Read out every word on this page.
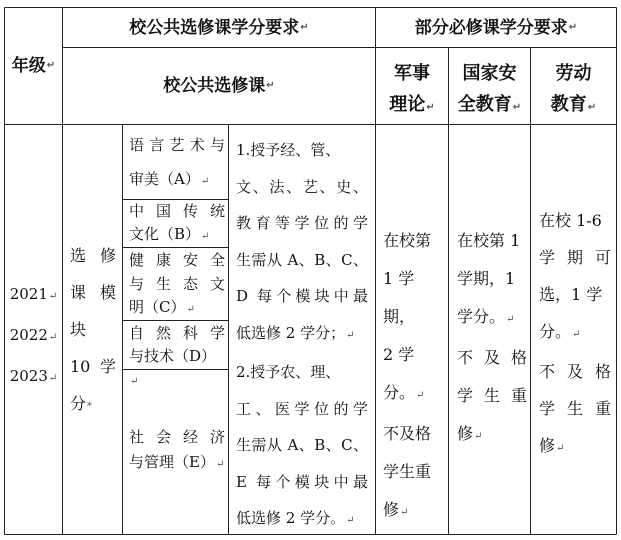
年级 ↵
校公共选修课学分要求 ↵	部分必修课学分要求 ↵
校公共选修课 ↵
军事
理论↵
国家安
全教育↵
劳动
教育↵
2021↵
2022↵
2023↵
选修
课模
块
10 学
分*
语言艺术与
审美（A）↵
中国传统
文化（B）↵
健康安全
与生态文
明（C）↵
自然科学
与技术（D）↵
社会经济
与管理（E）↵
1.授予经、管、
文、法、艺、史、
教育等学位的学
生需从 A、B、C、
D 每个模块中最
低选修 2 学分；↵
2.授予农、理、
工、医学位的学
生需从 A、B、C、
E 每个模块中最
低选修 2 学分。↵
在校第
1 学期，
2 学分。↵
不及格
学生重
修↵
在校第 1
学期，1
学分。↵
不及格
学生重
修↵
在校 1-6
学期可
选，1 学
分。↵
不及格
学生重
修↵
